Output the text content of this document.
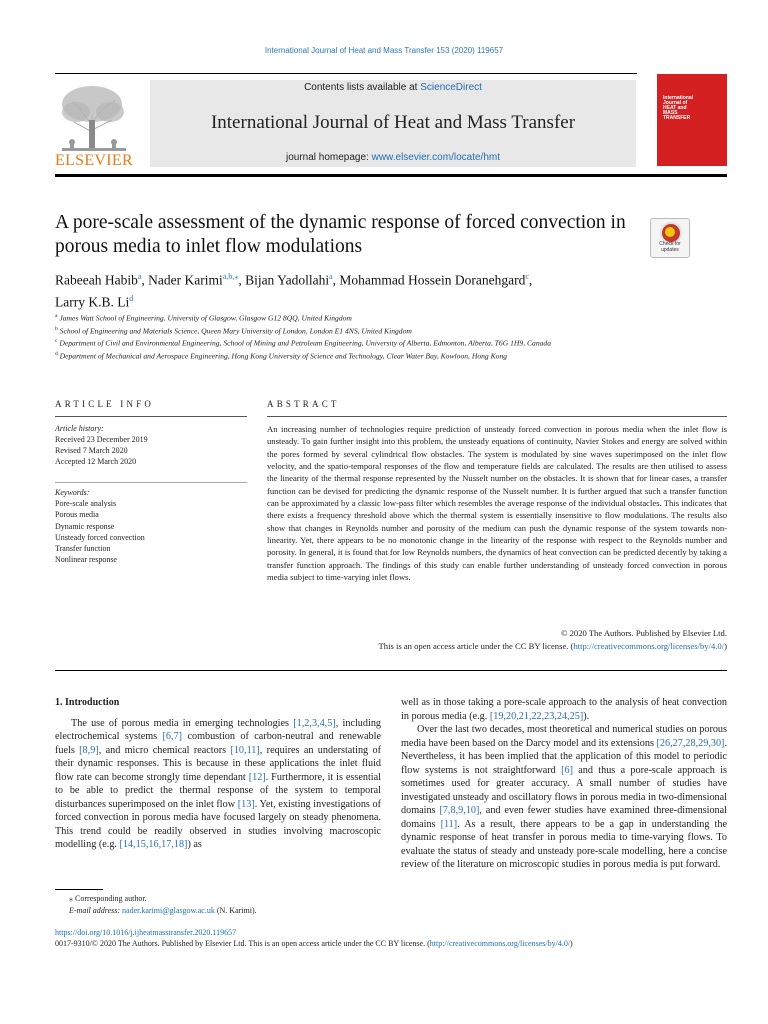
International Journal of Heat and Mass Transfer 153 (2020) 119657
ELSEVIER
Contents lists available at ScienceDirect
International Journal of Heat and Mass Transfer
journal homepage: www.elsevier.com/locate/hmt
International Journal of HEAT and MASS TRANSFER
A pore-scale assessment of the dynamic response of forced convection in porous media to inlet flow modulations	Check for updates
Rabeeah Habib$^a$, Nader Karimi$^{a,b,⁎}$, Bijan Yadollahi$^a$, Mohammad Hossein Doranehgard$^c$,
Larry K.B. Li$^d$
$^a$ James Watt School of Engineering, University of Glasgow, Glasgow G12 8QQ, United Kingdom
$^b$ School of Engineering and Materials Science, Queen Mary University of London, London E1 4NS, United Kingdom
$^c$ Department of Civil and Environmental Engineering, School of Mining and Petroleum Engineering, University of Alberta, Edmonton, Alberta, T6G 1H9, Canada
$^d$ Department of Mechanical and Aerospace Engineering, Hong Kong University of Science and Technology, Clear Water Bay, Kowloon, Hong Kong
ARTICLE INFO	ABSTRACT
Article history:
Received 23 December 2019
Revised 7 March 2020
Accepted 12 March 2020
Keywords:
Pore-scale analysis
Porous media
Dynamic response
Unsteady forced convection
Transfer function
Nonlinear response
An increasing number of technologies require prediction of unsteady forced convection in porous media when the inlet flow is unsteady. To gain further insight into this problem, the unsteady equations of continuity, Navier Stokes and energy are solved within the pores formed by several cylindrical flow obstacles. The system is modulated by sine waves superimposed on the inlet flow velocity, and the spatio-temporal responses of the flow and temperature fields are calculated. The results are then utilised to assess the linearity of the thermal response represented by the Nusselt number on the obstacles. It is shown that for linear cases, a transfer function can be devised for predicting the dynamic response of the Nusselt number. It is further argued that such a transfer function can be approximated by a classic low-pass filter which resembles the average response of the individual obstacles. This indicates that there exists a frequency threshold above which the thermal system is essentially insensitive to flow modulations. The results also show that changes in Reynolds number and porosity of the medium can push the dynamic response of the system towards non-linearity. Yet, there appears to be no monotonic change in the linearity of the response with respect to the Reynolds number and porosity. In general, it is found that for low Reynolds numbers, the dynamics of heat convection can be predicted decently by taking a transfer function approach. The findings of this study can enable further understanding of unsteady forced convection in porous media subject to time-varying inlet flows.
© 2020 The Authors. Published by Elsevier Ltd.
This is an open access article under the CC BY license. (http://creativecommons.org/licenses/by/4.0/)

1. Introduction

The use of porous media in emerging technologies [1,2,3,4,5], including electrochemical systems [6,7] combustion of carbon-neutral and renewable fuels [8,9], and micro chemical reactors [10,11], requires an understating of their dynamic responses. This is because in these applications the inlet fluid flow rate can become strongly time dependant [12]. Furthermore, it is essential to be able to predict the thermal response of the system to temporal disturbances superimposed on the inlet flow [13]. Yet, existing investigations of forced convection in porous media have focused largely on steady phenomena. This trend could be readily observed in studies involving macroscopic modelling (e.g. [14,15,16,17,18]) as

well as in those taking a pore-scale approach to the analysis of heat convection in porous media (e.g. [19,20,21,22,23,24,25]).

Over the last two decades, most theoretical and numerical studies on porous media have been based on the Darcy model and its extensions [26,27,28,29,30]. Nevertheless, it has been implied that the application of this model to periodic flow systems is not straightforward [6] and thus a pore-scale approach is sometimes used for greater accuracy. A small number of studies have investigated unsteady and oscillatory flows in porous media in two-dimensional domains [7,8,9,10], and even fewer studies have examined three-dimensional domains [11]. As a result, there appears to be a gap in understanding the dynamic response of heat transfer in porous media to time-varying flows. To evaluate the status of steady and unsteady pore-scale modelling, here a concise review of the literature on microscopic studies in porous media is put forward.

⁎ Corresponding author.
E-mail address: nader.karimi@glasgow.ac.uk (N. Karimi).
https://doi.org/10.1016/j.ijheatmasstransfer.2020.119657
0017-9310/© 2020 The Authors. Published by Elsevier Ltd. This is an open access article under the CC BY license. (http://creativecommons.org/licenses/by/4.0/)
